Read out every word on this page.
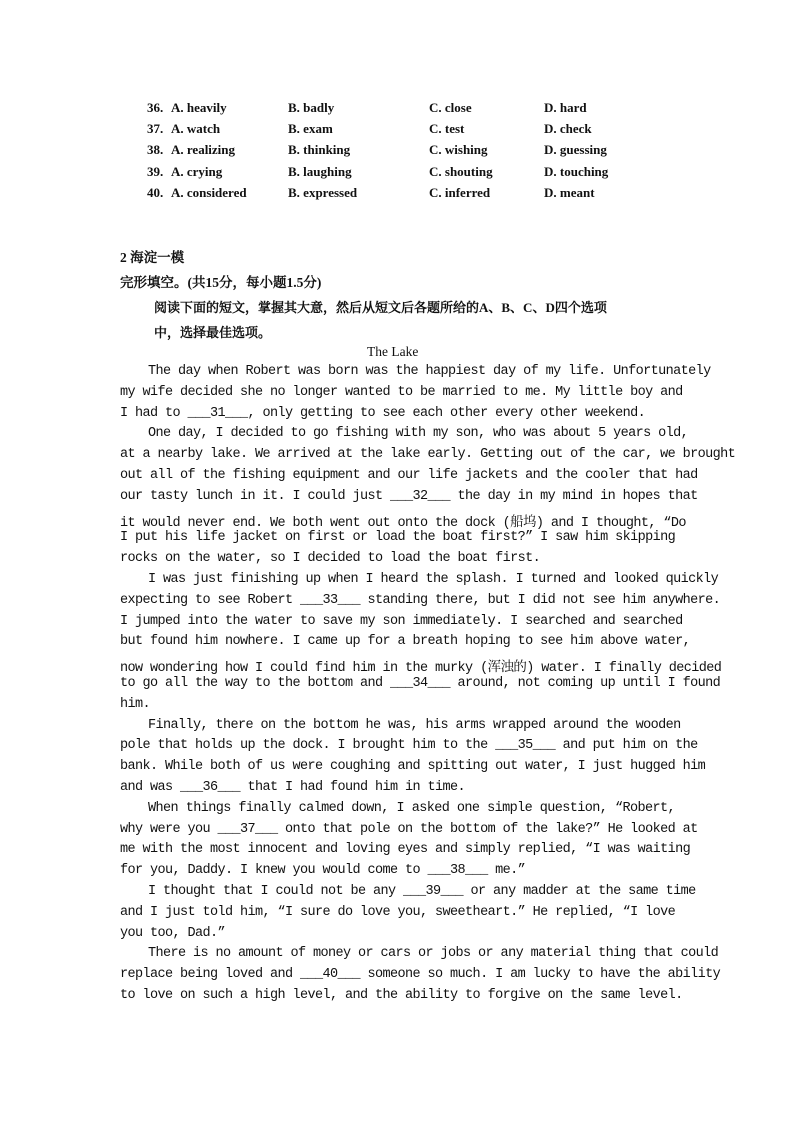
36. A. heavily	B. badly	C. close	D. hard
37. A. watch	B. exam	C. test	D. check
38. A. realizing	B. thinking	C. wishing	D. guessing
39. A. crying	B. laughing	C. shouting	D. touching
40. A. considered	B. expressed	C. inferred	D. meant
2 海淀一模
完形填空。(共15分，每小题1.5分)
阅读下面的短文，掌握其大意，然后从短文后各题所给的A、B、C、D四个选项
中，选择最佳选项。
The Lake
The day when Robert was born was the happiest day of my life. Unfortunately
my wife decided she no longer wanted to be married to me. My little boy and
I had to ___31___, only getting to see each other every other weekend.
One day, I decided to go fishing with my son, who was about 5 years old,
at a nearby lake. We arrived at the lake early. Getting out of the car, we brought
out all of the fishing equipment and our life jackets and the cooler that had
our tasty lunch in it. I could just ___32___ the day in my mind in hopes that
it would never end. We both went out onto the dock (船坞) and I thought, “Do
I put his life jacket on first or load the boat first?” I saw him skipping
rocks on the water, so I decided to load the boat first.
I was just finishing up when I heard the splash. I turned and looked quickly
expecting to see Robert ___33___ standing there, but I did not see him anywhere.
I jumped into the water to save my son immediately. I searched and searched
but found him nowhere. I came up for a breath hoping to see him above water,
now wondering how I could find him in the murky (浑浊的) water. I finally decided
to go all the way to the bottom and ___34___ around, not coming up until I found
him.
Finally, there on the bottom he was, his arms wrapped around the wooden
pole that holds up the dock. I brought him to the ___35___ and put him on the
bank. While both of us were coughing and spitting out water, I just hugged him
and was ___36___ that I had found him in time.
When things finally calmed down, I asked one simple question, “Robert,
why were you ___37___ onto that pole on the bottom of the lake?” He looked at
me with the most innocent and loving eyes and simply replied, “I was waiting
for you, Daddy. I knew you would come to ___38___ me.”
I thought that I could not be any ___39___ or any madder at the same time
and I just told him, “I sure do love you, sweetheart.” He replied, “I love
you too, Dad.”
There is no amount of money or cars or jobs or any material thing that could
replace being loved and ___40___ someone so much. I am lucky to have the ability
to love on such a high level, and the ability to forgive on the same level.
